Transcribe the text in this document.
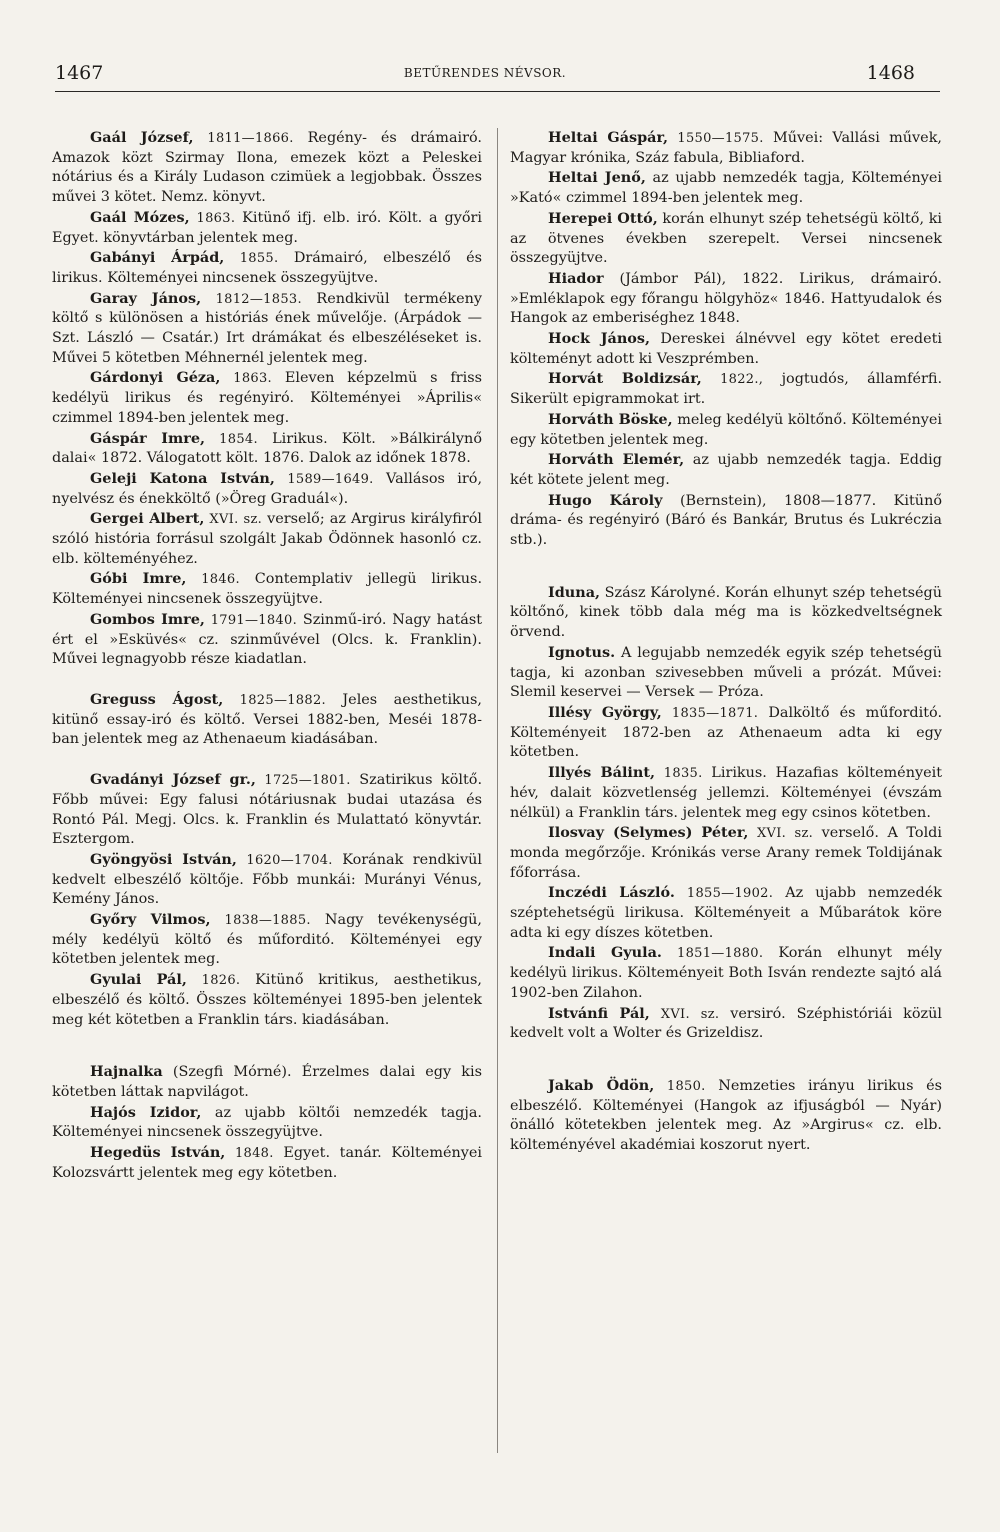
1467	BETŰRENDES NÉVSOR.	1468

Gaál József, 1811—1866. Regény- és drámairó. Amazok közt Szirmay Ilona, emezek közt a Peleskei nótárius és a Király Ludason czimüek a legjobbak. Összes művei 3 kötet. Nemz. könyvt.

Gaál Mózes, 1863. Kitünő ifj. elb. iró. Költ. a győri Egyet. könyvtárban jelentek meg.

Gabányi Árpád, 1855. Drámairó, elbeszélő és lirikus. Költeményei nincsenek összegyüjtve.

Garay János, 1812—1853. Rendkivül termékeny költő s különösen a históriás ének művelője. (Árpádok — Szt. László — Csatár.) Irt drámákat és elbeszéléseket is. Művei 5 kötetben Méhnernél jelentek meg.

Gárdonyi Géza, 1863. Eleven képzelmü s friss kedélyü lirikus és regényiró. Költeményei »Április« czimmel 1894-ben jelentek meg.

Gáspár Imre, 1854. Lirikus. Költ. »Bálkirálynő dalai« 1872. Válogatott költ. 1876. Dalok az időnek 1878.

Geleji Katona István, 1589—1649. Vallásos iró, nyelvész és énekköltő (»Öreg Graduál«).

Gergei Albert, XVI. sz. verselő; az Argirus királyfiról szóló história forrásul szolgált Jakab Ödönnek hasonló cz. elb. költeményéhez.

Góbi Imre, 1846. Contemplativ jellegü lirikus. Költeményei nincsenek összegyüjtve.

Gombos Imre, 1791—1840. Szinmű-iró. Nagy hatást ért el »Esküvés« cz. szinművével (Olcs. k. Franklin). Művei legnagyobb része kiadatlan.

Greguss Ágost, 1825—1882. Jeles aesthetikus, kitünő essay-iró és költő. Versei 1882-ben, Meséi 1878-ban jelentek meg az Athenaeum kiadásában.

Gvadányi József gr., 1725—1801. Szatirikus költő. Főbb művei: Egy falusi nótáriusnak budai utazása és Rontó Pál. Megj. Olcs. k. Franklin és Mulattató könyvtár. Esztergom.

Gyöngyösi István, 1620—1704. Korának rendkivül kedvelt elbeszélő költője. Főbb munkái: Murányi Vénus, Kemény János.

Győry Vilmos, 1838—1885. Nagy tevékenységü, mély kedélyü költő és műforditó. Költeményei egy kötetben jelentek meg.

Gyulai Pál, 1826. Kitünő kritikus, aesthetikus, elbeszélő és költő. Összes költeményei 1895-ben jelentek meg két kötetben a Franklin társ. kiadásában.

Hajnalka (Szegfi Mórné). Érzelmes dalai egy kis kötetben láttak napvilágot.

Hajós Izidor, az ujabb költői nemzedék tagja. Költeményei nincsenek összegyüjtve.

Hegedüs István, 1848. Egyet. tanár. Költeményei Kolozsvártt jelentek meg egy kötetben.

Heltai Gáspár, 1550—1575. Művei: Vallási művek, Magyar krónika, Száz fabula, Bibliaford.

Heltai Jenő, az ujabb nemzedék tagja, Költeményei »Kató« czimmel 1894-ben jelentek meg.

Herepei Ottó, korán elhunyt szép tehetségü költő, ki az ötvenes években szerepelt. Versei nincsenek összegyüjtve.

Hiador (Jámbor Pál), 1822. Lirikus, drámairó. »Emléklapok egy főrangu hölgyhöz« 1846. Hattyudalok és Hangok az emberiséghez 1848.

Hock János, Dereskei álnévvel egy kötet eredeti költeményt adott ki Veszprémben.

Horvát Boldizsár, 1822., jogtudós, államférfi. Sikerült epigrammokat irt.

Horváth Böske, meleg kedélyü költőnő. Költeményei egy kötetben jelentek meg.

Horváth Elemér, az ujabb nemzedék tagja. Eddig két kötete jelent meg.

Hugo Károly (Bernstein), 1808—1877. Kitünő dráma- és regényiró (Báró és Bankár, Brutus és Lukréczia stb.).

Iduna, Szász Károlyné. Korán elhunyt szép tehetségü költőnő, kinek több dala még ma is közkedveltségnek örvend.

Ignotus. A legujabb nemzedék egyik szép tehetségü tagja, ki azonban szivesebben műveli a prózát. Művei: Slemil keservei — Versek — Próza.

Illésy György, 1835—1871. Dalköltő és műforditó. Költeményeit 1872-ben az Athenaeum adta ki egy kötetben.

Illyés Bálint, 1835. Lirikus. Hazafias költeményeit hév, dalait közvetlenség jellemzi. Költeményei (évszám nélkül) a Franklin társ. jelentek meg egy csinos kötetben.

Ilosvay (Selymes) Péter, XVI. sz. verselő. A Toldi monda megőrzője. Krónikás verse Arany remek Toldijának főforrása.

Inczédi László. 1855—1902. Az ujabb nemzedék széptehetségü lirikusa. Költeményeit a Műbarátok köre adta ki egy díszes kötetben.

Indali Gyula. 1851—1880. Korán elhunyt mély kedélyü lirikus. Költeményeit Both Isván rendezte sajtó alá 1902-ben Zilahon.

Istvánfi Pál, XVI. sz. versiró. Széphistóriái közül kedvelt volt a Wolter és Grizeldisz.

Jakab Ödön, 1850. Nemzeties irányu lirikus és elbeszélő. Költeményei (Hangok az ifjuságból — Nyár) önálló kötetekben jelentek meg. Az »Argirus« cz. elb. költeményével akadémiai koszorut nyert.
